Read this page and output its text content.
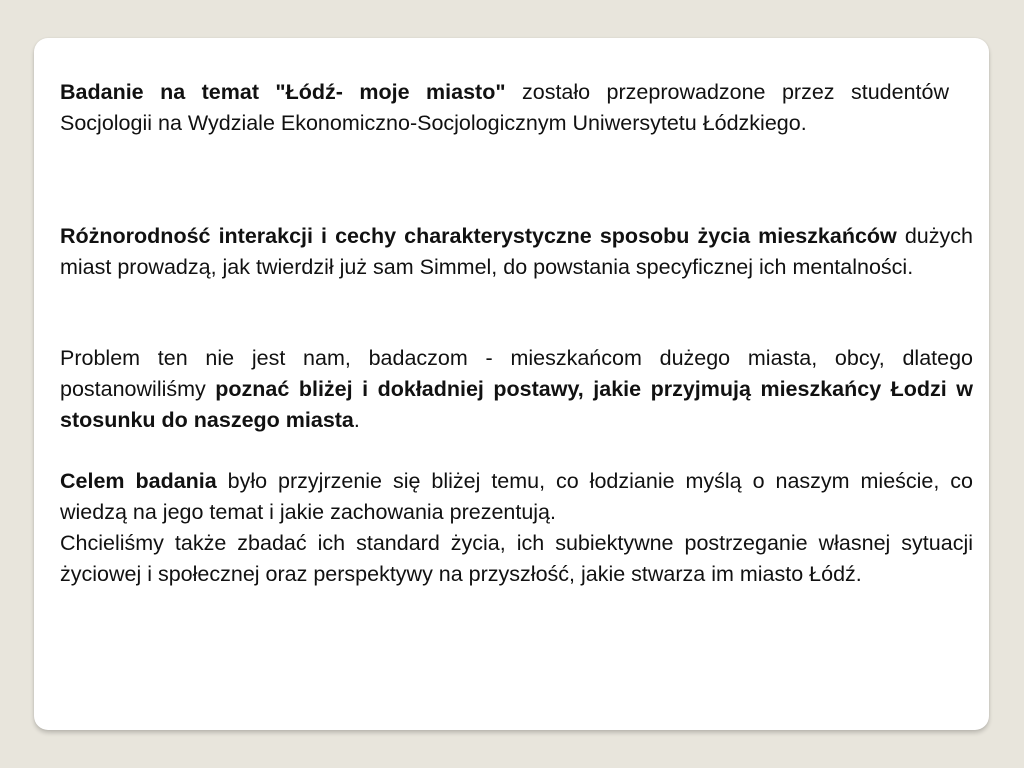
Badanie na temat "Łódź- moje miasto" zostało przeprowadzone przez studentów Socjologii na Wydziale Ekonomiczno-Socjologicznym Uniwersytetu Łódzkiego.

Różnorodność interakcji i cechy charakterystyczne sposobu życia mieszkańców dużych miast prowadzą, jak twierdził już sam Simmel, do powstania specyficznej ich mentalności.

Problem ten nie jest nam, badaczom - mieszkańcom dużego miasta, obcy, dlatego postanowiliśmy poznać bliżej i dokładniej postawy, jakie przyjmują mieszkańcy Łodzi w stosunku do naszego miasta.

Celem badania było przyjrzenie się bliżej temu, co łodzianie myślą o naszym mieście, co wiedzą na jego temat i jakie zachowania prezentują.

Chcieliśmy także zbadać ich standard życia, ich subiektywne postrzeganie własnej sytuacji życiowej i społecznej oraz perspektywy na przyszłość, jakie stwarza im miasto Łódź.
